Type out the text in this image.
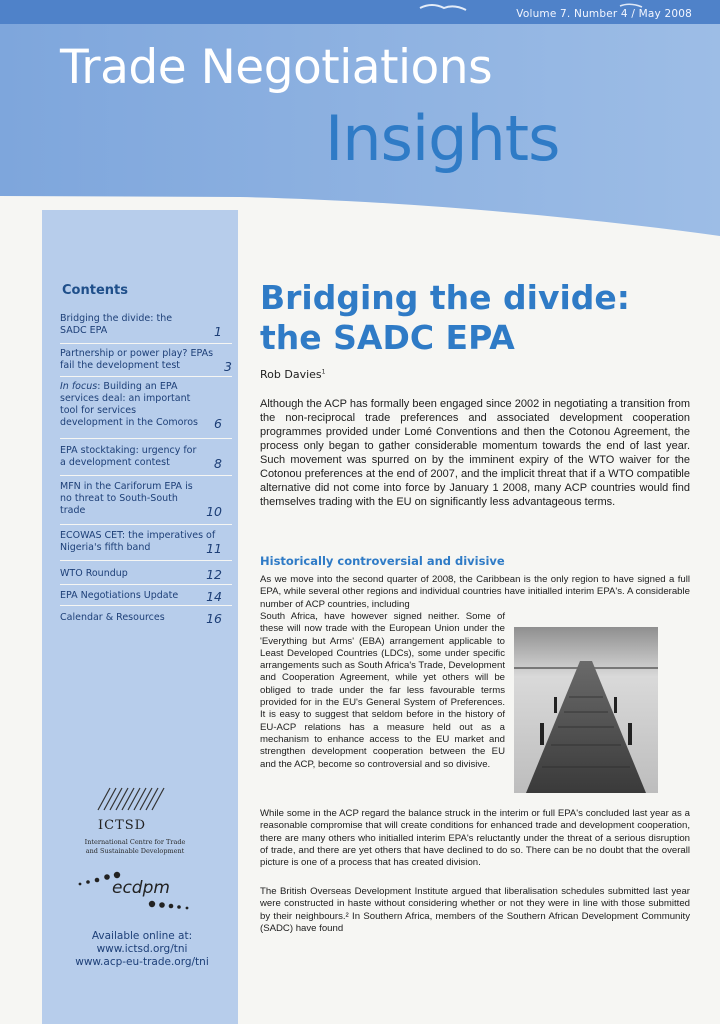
Volume 7. Number 4 / May 2008
Trade Negotiations
Insights
Contents
Bridging the divide: the SADC EPA	1
Partnership or power play? EPAs fail the development test	3
In focus: Building an EPA services deal: an important tool for services development in the Comoros 6
EPA stocktaking: urgency for a development contest	8
MFN in the Cariforum EPA is no threat to South-South trade	10
ECOWAS CET: the imperatives of Nigeria's fifth band	11
WTO Roundup	12
EPA Negotiations Update	14
Calendar & Resources	16
ICTSD
International Centre for Trade
and Sustainable Development
ecdpm
Available online at:
www.ictsd.org/tni
www.acp-eu-trade.org/tni
Bridging the divide: the SADC EPA
Rob Davies$^1$
Although the ACP has formally been engaged since 2002 in negotiating a transition from the non-reciprocal trade preferences and associated development cooperation programmes provided under Lomé Conventions and then the Cotonou Agreement, the process only began to gather considerable momentum towards the end of last year. Such movement was spurred on by the imminent expiry of the WTO waiver for the Cotonou preferences at the end of 2007, and the implicit threat that if a WTO compatible alternative did not come into force by January 1 2008, many ACP countries would find themselves trading with the EU on significantly less advantageous terms.
Historically controversial and divisive
As we move into the second quarter of 2008, the Caribbean is the only region to have signed a full EPA, while several other regions and individual countries have initialled interim EPA's. A considerable number of ACP countries, including
South Africa, have however signed neither. Some of these will now trade with the European Union under the 'Everything but Arms' (EBA) arrangement applicable to Least Developed Countries (LDCs), some under specific arrangements such as South Africa's Trade, Development and Cooperation Agreement, while yet others will be obliged to trade under the far less favourable terms provided for in the EU's General System of Preferences. It is easy to suggest that seldom before in the history of EU-ACP relations has a measure held out as a mechanism to enhance access to the EU market and strengthen development cooperation between the EU and the ACP, become so controversial and so divisive.
While some in the ACP regard the balance struck in the interim or full EPA's concluded last year as a reasonable compromise that will create conditions for enhanced trade and development cooperation, there are many others who initialled interim EPA's reluctantly under the threat of a serious disruption of trade, and there are yet others that have declined to do so. There can be no doubt that the overall picture is one of a process that has created division.
The British Overseas Development Institute argued that liberalisation schedules submitted last year were constructed in haste without considering whether or not they were in line with those submitted by their neighbours.² In Southern Africa, members of the Southern African Development Community (SADC) have found
